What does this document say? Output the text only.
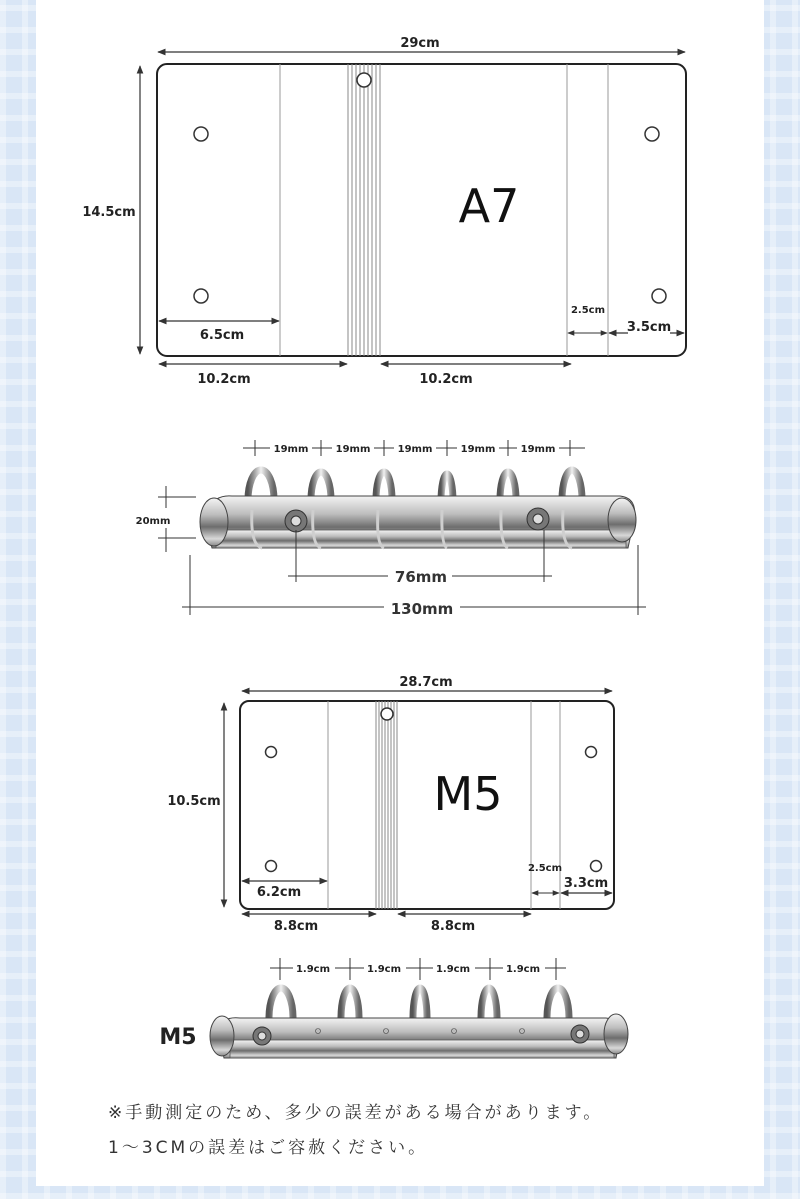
A7
29cm
14.5cm
6.5cm
10.2cm	10.2cm
2.5cm
3.5cm
19mm	19mm	19mm	19mm	19mm
20mm
76mm
130mm
M5
28.7cm
10.5cm
6.2cm
8.8cm	8.8cm
2.5cm
3.3cm
1.9cm	1.9cm	1.9cm	1.9cm
M5
※手動測定のため、多少の誤差がある場合があります。
1～3CMの誤差はご容赦ください。
